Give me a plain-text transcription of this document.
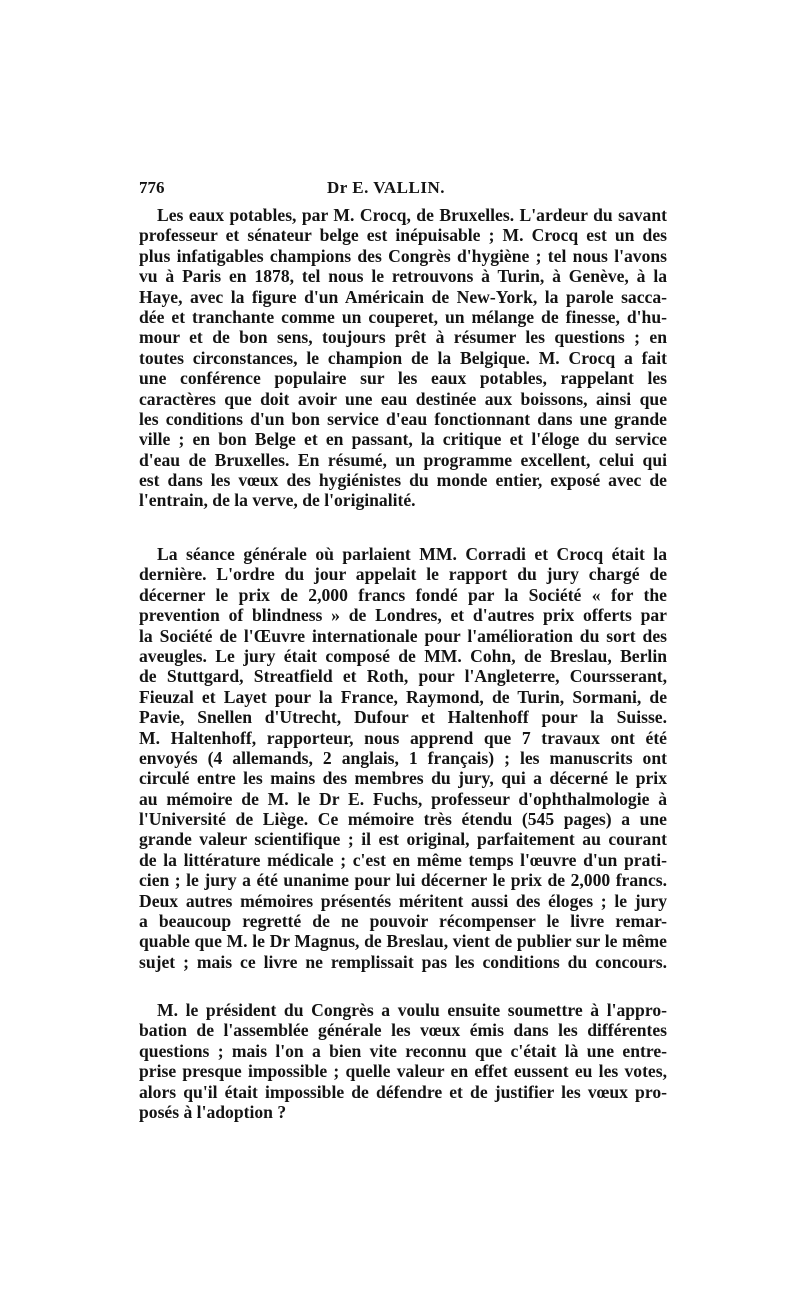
776	Dr E. VALLIN.
Les eaux potables, par M. Crocq, de Bruxelles. L'ardeur du savant
professeur et sénateur belge est inépuisable ; M. Crocq est un des
plus infatigables champions des Congrès d'hygiène ; tel nous l'avons
vu à Paris en 1878, tel nous le retrouvons à Turin, à Genève, à la
Haye, avec la figure d'un Américain de New-York, la parole sacca-
dée et tranchante comme un couperet, un mélange de finesse, d'hu-
mour et de bon sens, toujours prêt à résumer les questions ; en
toutes circonstances, le champion de la Belgique. M. Crocq a fait
une conférence populaire sur les eaux potables, rappelant les
caractères que doit avoir une eau destinée aux boissons, ainsi que
les conditions d'un bon service d'eau fonctionnant dans une grande
ville ; en bon Belge et en passant, la critique et l'éloge du service
d'eau de Bruxelles. En résumé, un programme excellent, celui qui
est dans les vœux des hygiénistes du monde entier, exposé avec de
l'entrain, de la verve, de l'originalité.
La séance générale où parlaient MM. Corradi et Crocq était la
dernière. L'ordre du jour appelait le rapport du jury chargé de
décerner le prix de 2,000 francs fondé par la Société « for the
prevention of blindness » de Londres, et d'autres prix offerts par
la Société de l'Œuvre internationale pour l'amélioration du sort des
aveugles. Le jury était composé de MM. Cohn, de Breslau, Berlin
de Stuttgard, Streatfield et Roth, pour l'Angleterre, Coursserant,
Fieuzal et Layet pour la France, Raymond, de Turin, Sormani, de
Pavie, Snellen d'Utrecht, Dufour et Haltenhoff pour la Suisse.
M. Haltenhoff, rapporteur, nous apprend que 7 travaux ont été
envoyés (4 allemands, 2 anglais, 1 français) ; les manuscrits ont
circulé entre les mains des membres du jury, qui a décerné le prix
au mémoire de M. le Dr E. Fuchs, professeur d'ophthalmologie à
l'Université de Liège. Ce mémoire très étendu (545 pages) a une
grande valeur scientifique ; il est original, parfaitement au courant
de la littérature médicale ; c'est en même temps l'œuvre d'un prati-
cien ; le jury a été unanime pour lui décerner le prix de 2,000 francs.
Deux autres mémoires présentés méritent aussi des éloges ; le jury
a beaucoup regretté de ne pouvoir récompenser le livre remar-
quable que M. le Dr Magnus, de Breslau, vient de publier sur le même
sujet ; mais ce livre ne remplissait pas les conditions du concours.
M. le président du Congrès a voulu ensuite soumettre à l'appro-
bation de l'assemblée générale les vœux émis dans les différentes
questions ; mais l'on a bien vite reconnu que c'était là une entre-
prise presque impossible ; quelle valeur en effet eussent eu les votes,
alors qu'il était impossible de défendre et de justifier les vœux pro-
posés à l'adoption ?
